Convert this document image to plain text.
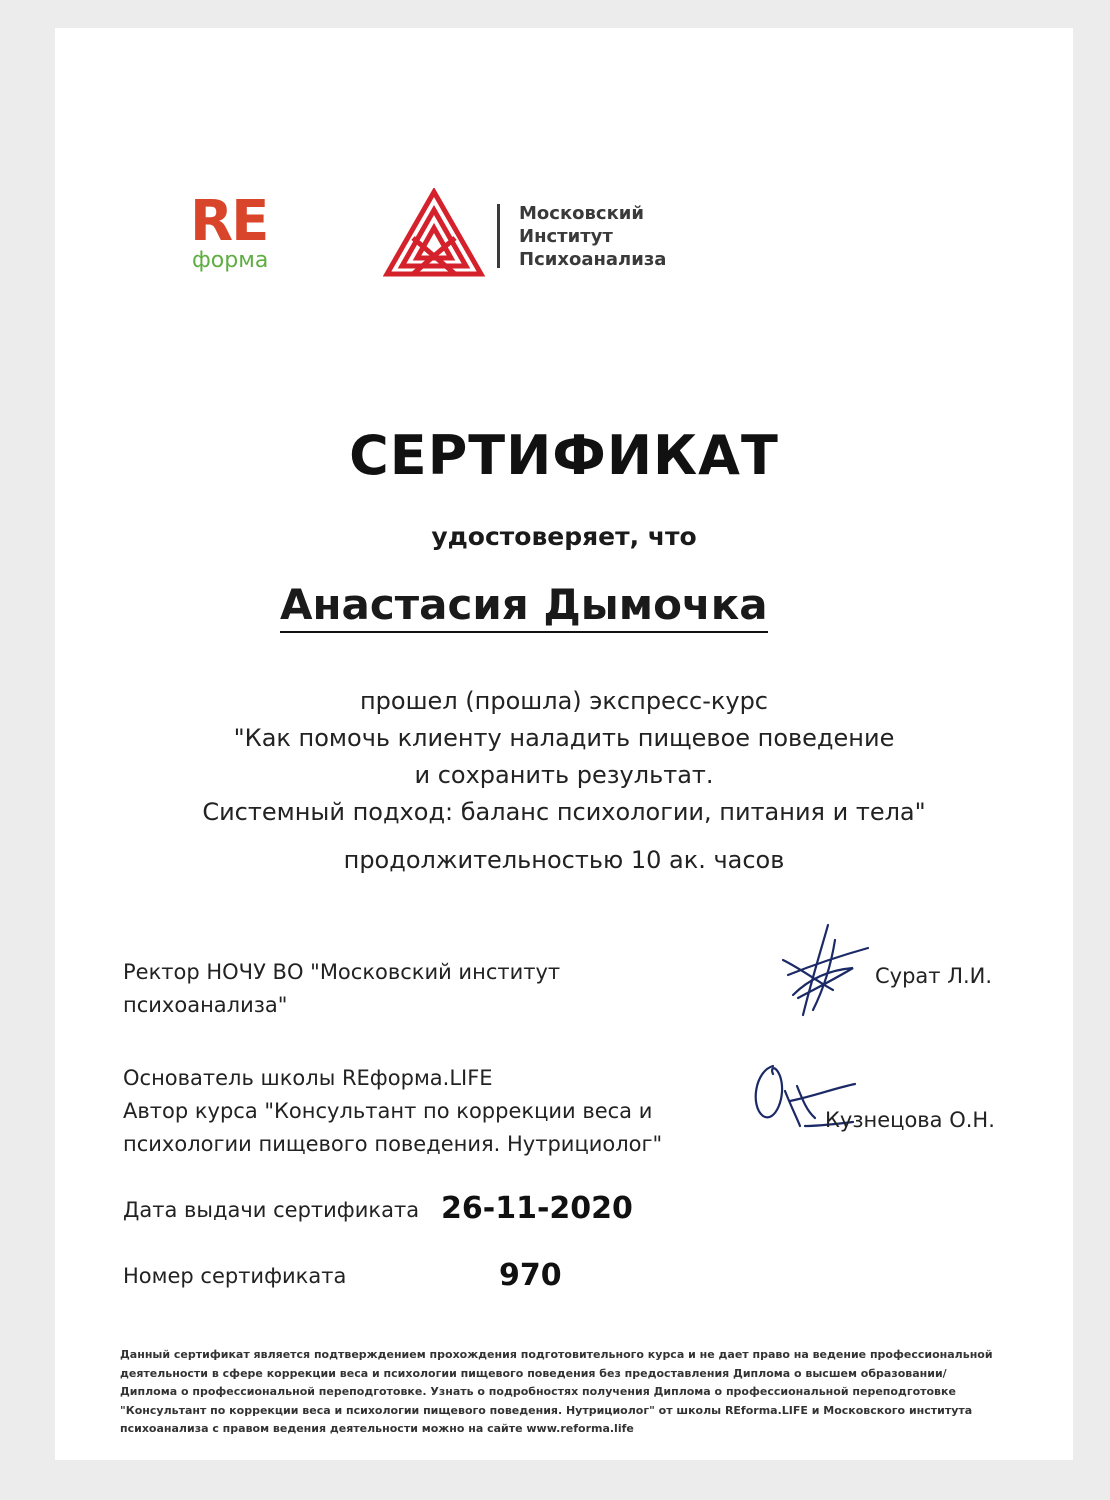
RE
форма
Московский
Институт
Психоанализа
СЕРТИФИКАТ
удостоверяет, что
Анастасия Дымочка
прошел (прошла) экспресс-курс
"Как помочь клиенту наладить пищевое поведение
и сохранить результат.
Системный подход: баланс психологии, питания и тела"
продолжительностью 10 ак. часов
Ректор НОЧУ ВО "Московский институт
психоанализа"
Сурат Л.И.
Основатель школы REформа.LIFE
Автор курса "Консультант по коррекции веса и
психологии пищевого поведения. Нутрициолог"
Кузнецова О.Н.
Дата выдачи сертификата 26-11-2020
Номер сертификата	970
Данный сертификат является подтверждением прохождения подготовительного курса и не дает право на ведение профессиональной
деятельности в сфере коррекции веса и психологии пищевого поведения без предоставления Диплома о высшем образовании/
Диплома о профессиональной переподготовке. Узнать о подробностях получения Диплома о профессиональной переподготовке
"Консультант по коррекции веса и психологии пищевого поведения. Нутрициолог" от школы REforma.LIFE и Московского института
психоанализа с правом ведения деятельности можно на сайте www.reforma.life
